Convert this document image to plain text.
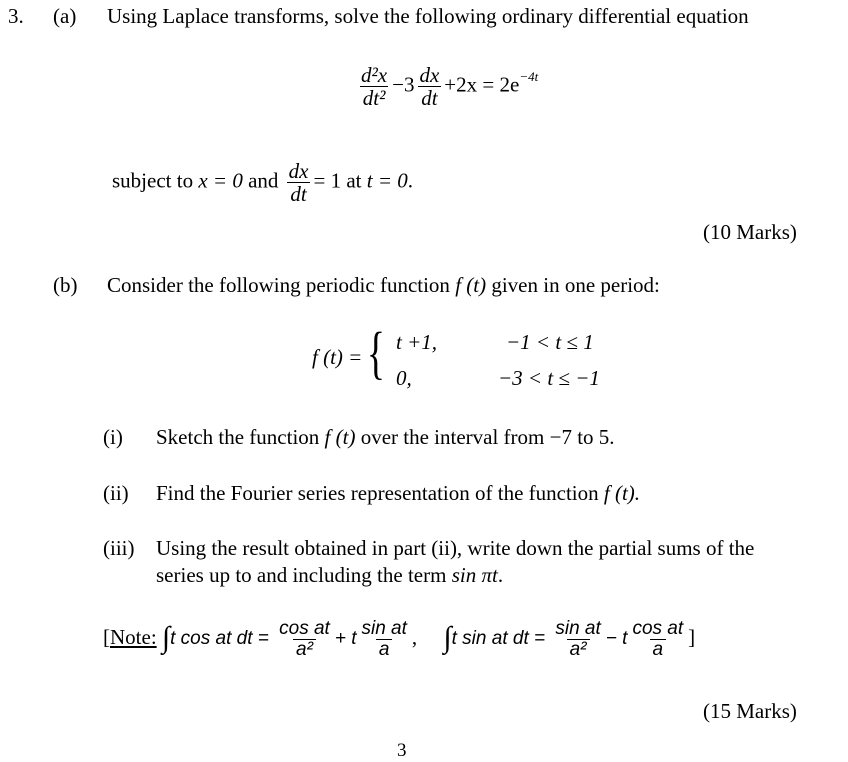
3. (a) Using Laplace transforms, solve the following ordinary differential equation
$\frac{\text{d²x}}{\text{dt²}} -3 \frac{dx}{dt} +2x = 2e^{-4t}$
subject to x = 0 and $\frac{dx}{dt} = 1$ at t = 0.
(10 Marks)
(b) Consider the following periodic function f (t) given in one period:
f (t) = { t +1,
0,
−1 < t ≤ 1
−3 < t ≤ −1
(i) Sketch the function f (t) over the interval from −7 to 5.
(ii) Find the Fourier series representation of the function f (t).
(iii) Using the result obtained in part (ii), write down the partial sums of the
series up to and including the term sin πt.
[Note: ∫t cos at dt = $\frac{\text{cos at}}{\text{a²}} + t \frac{\text{sin at}}{a}$ , ∫t sin at dt = $\frac{\text{sin at}}{\text{a²}} - t \frac{\text{cos at}}{a}$ ]
(15 Marks)
3
